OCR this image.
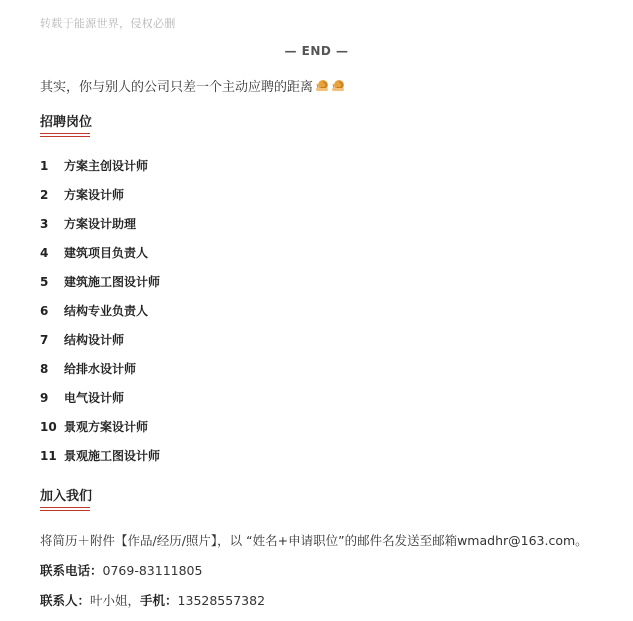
转载于能源世界，侵权必删
— END —
其实，你与别人的公司只差一个主动应聘的距离
招聘岗位
1	方案主创设计师
2	方案设计师
3	方案设计助理
4	建筑项目负责人
5	建筑施工图设计师
6	结构专业负责人
7	结构设计师
8	给排水设计师
9	电气设计师
10 景观方案设计师
11 景观施工图设计师
加入我们
将简历＋附件【作品/经历/照片】，以 “姓名+申请职位”的邮件名发送至邮箱wmadhr@163.com。
联系电话：0769-83111805
联系人：叶小姐，手机：13528557382
